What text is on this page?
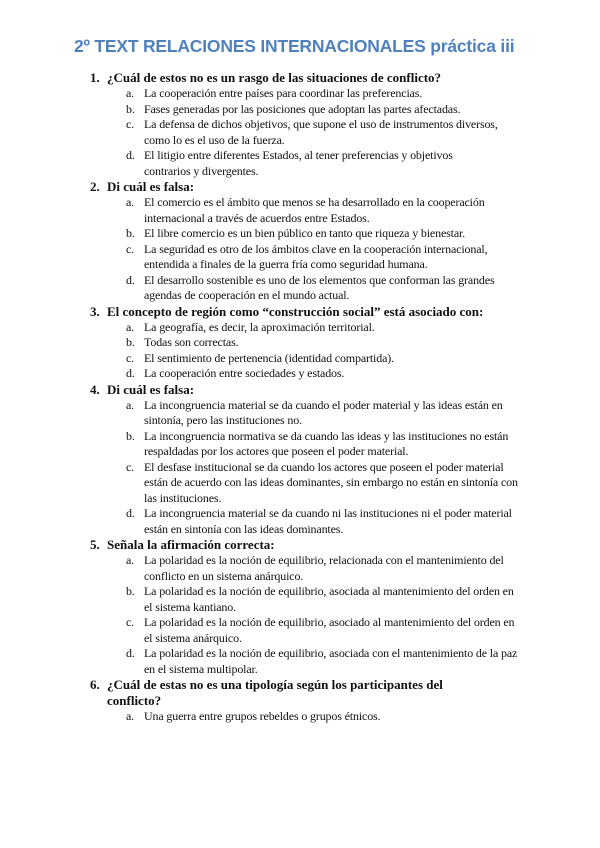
2º TEXT RELACIONES INTERNACIONALES práctica iii
1. ¿Cuál de estos no es un rasgo de las situaciones de conflicto?
a. La cooperación entre países para coordinar las preferencias.
b. Fases generadas por las posiciones que adoptan las partes afectadas.
c. La defensa de dichos objetivos, que supone el uso de instrumentos diversos, como lo es el uso de la fuerza.
d. El litigio entre diferentes Estados, al tener preferencias y objetivos contrarios y divergentes.
2. Di cuál es falsa:
a. El comercio es el ámbito que menos se ha desarrollado en la cooperación internacional a través de acuerdos entre Estados.
b. El libre comercio es un bien público en tanto que riqueza y bienestar.
c. La seguridad es otro de los ámbitos clave en la cooperación internacional, entendida a finales de la guerra fría como seguridad humana.
d. El desarrollo sostenible es uno de los elementos que conforman las grandes agendas de cooperación en el mundo actual.
3. El concepto de región como “construcción social” está asociado con:
a. La geografía, es decir, la aproximación territorial.
b. Todas son correctas.
c. El sentimiento de pertenencia (identidad compartida).
d. La cooperación entre sociedades y estados.
4. Di cuál es falsa:
a. La incongruencia material se da cuando el poder material y las ideas están en sintonía, pero las instituciones no.
b. La incongruencia normativa se da cuando las ideas y las instituciones no están respaldadas por los actores que poseen el poder material.
c. El desfase institucional se da cuando los actores que poseen el poder material están de acuerdo con las ideas dominantes, sin embargo no están en sintonía con las instituciones.
d. La incongruencia material se da cuando ni las instituciones ni el poder material están en sintonía con las ideas dominantes.
5. Señala la afirmación correcta:
a. La polaridad es la noción de equilibrio, relacionada con el mantenimiento del conflicto en un sistema anárquico.
b. La polaridad es la noción de equilibrio, asociada al mantenimiento del orden en el sistema kantiano.
c. La polaridad es la noción de equilibrio, asociado al mantenimiento del orden en el sistema anárquico.
d. La polaridad es la noción de equilibrio, asociada con el mantenimiento de la paz en el sistema multipolar.
6. ¿Cuál de estas no es una tipología según los participantes del conflicto?
a. Una guerra entre grupos rebeldes o grupos étnicos.
